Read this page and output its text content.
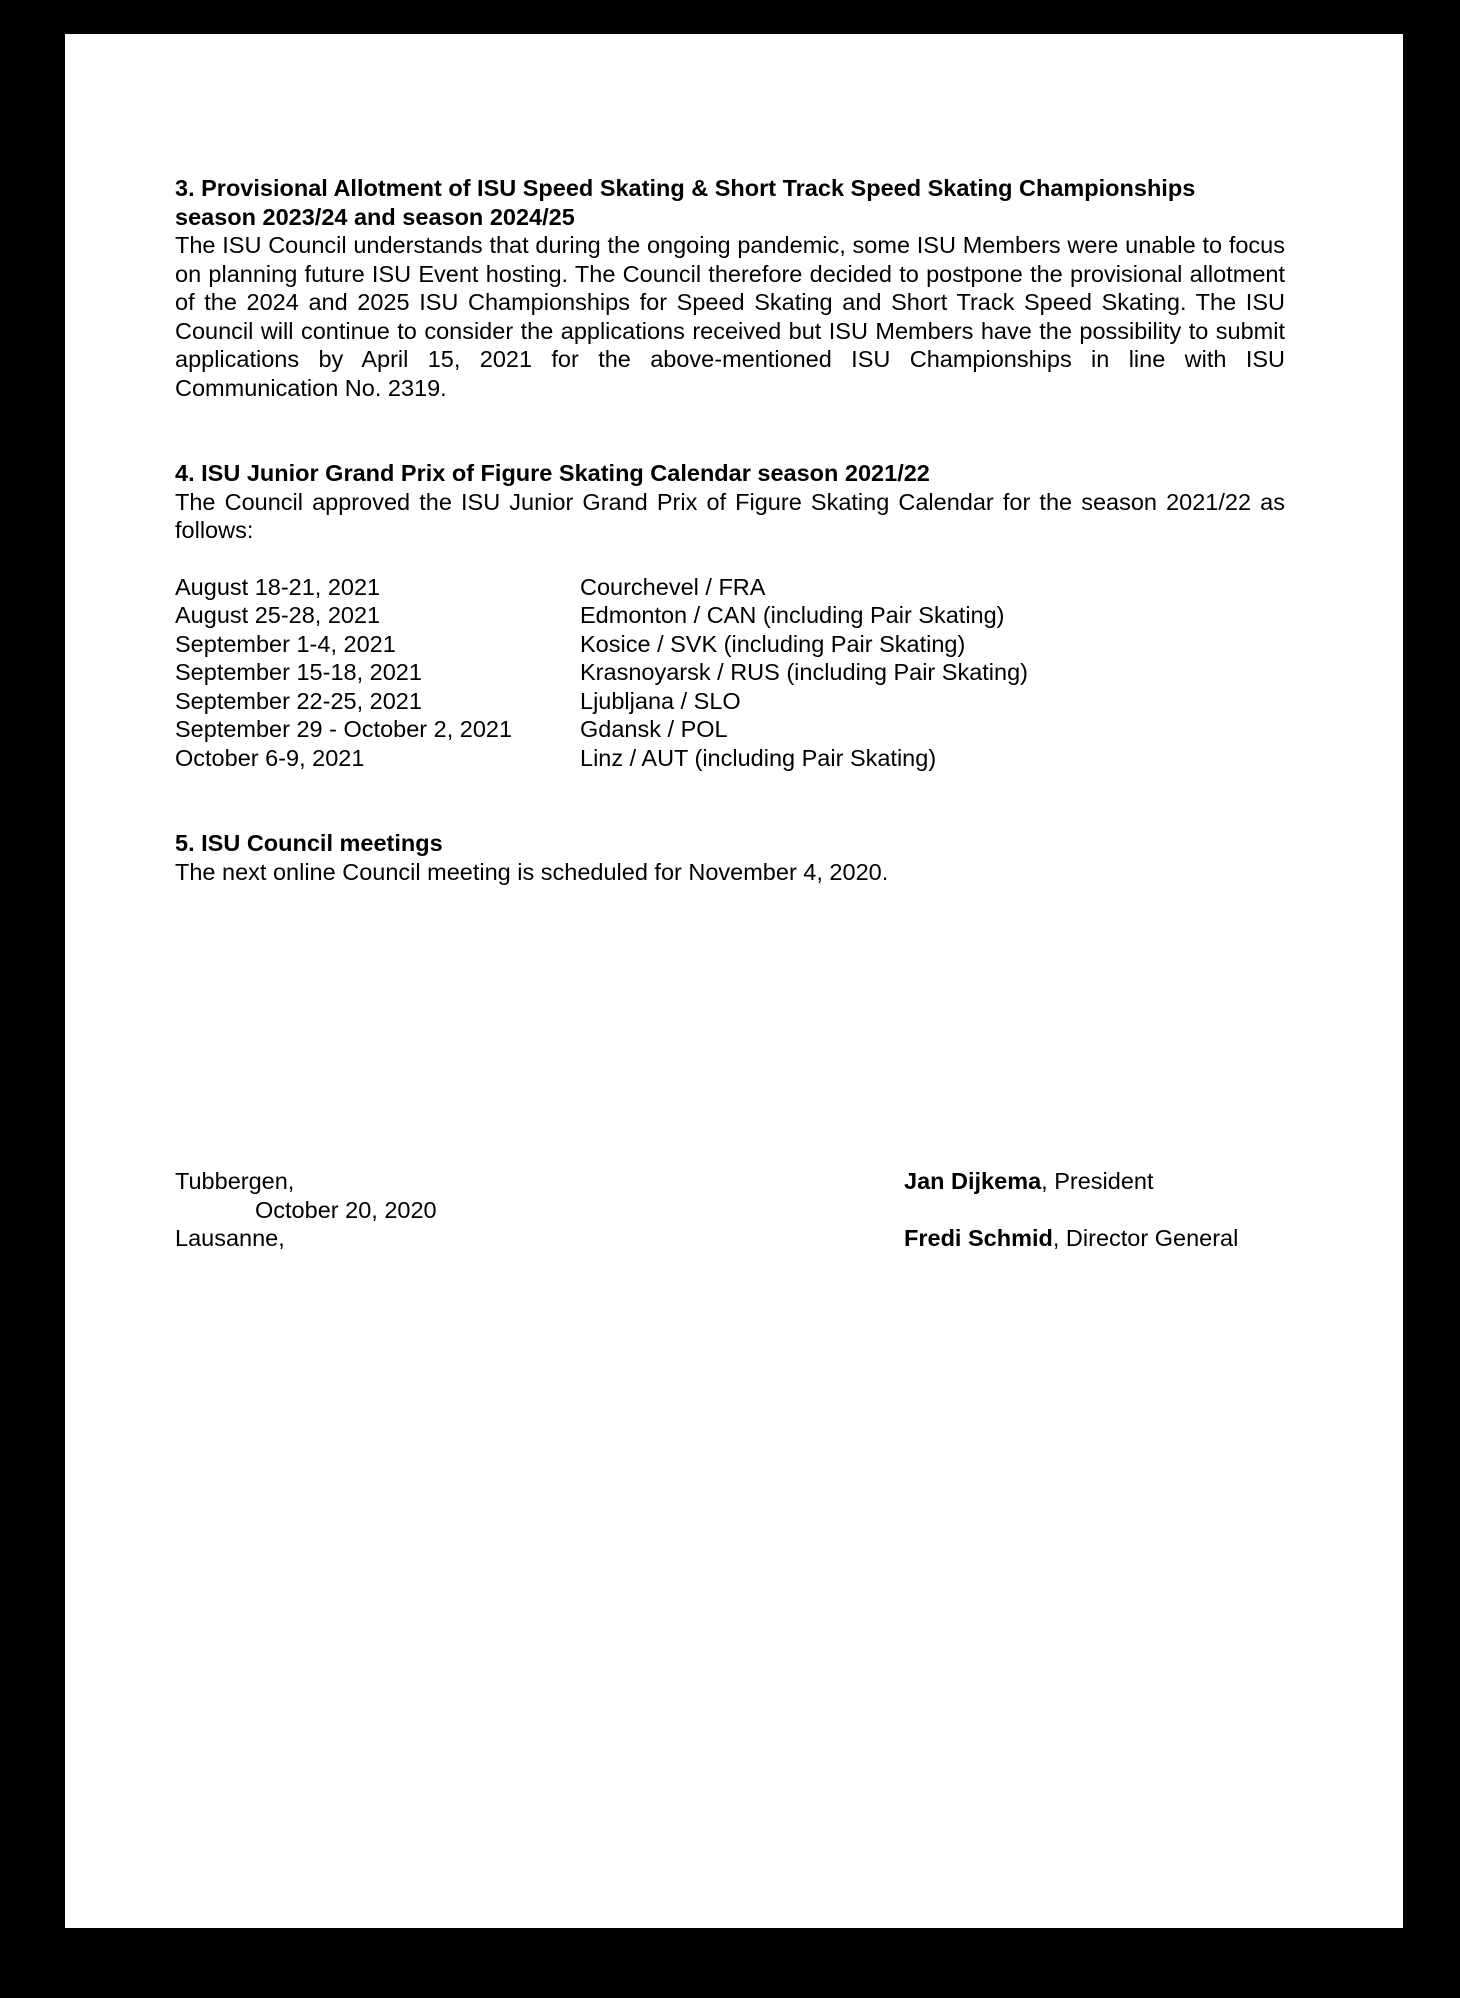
3. Provisional Allotment of ISU Speed Skating & Short Track Speed Skating Championships
season 2023/24 and season 2024/25

The ISU Council understands that during the ongoing pandemic, some ISU Members were unable to focus on planning future ISU Event hosting. The Council therefore decided to postpone the provisional allotment of the 2024 and 2025 ISU Championships for Speed Skating and Short Track Speed Skating. The ISU Council will continue to consider the applications received but ISU Members have the possibility to submit applications by April 15, 2021 for the above-mentioned ISU Championships in line with ISU Communication No. 2319.

4. ISU Junior Grand Prix of Figure Skating Calendar season 2021/22

The Council approved the ISU Junior Grand Prix of Figure Skating Calendar for the season 2021/22 as follows:

August 18-21, 2021	Courchevel / FRA
August 25-28, 2021	Edmonton / CAN (including Pair Skating)
September 1-4, 2021	Kosice / SVK (including Pair Skating)
September 15-18, 2021	Krasnoyarsk / RUS (including Pair Skating)
September 22-25, 2021	Ljubljana / SLO
September 29 - October 2, 2021	Gdansk / POL
October 6-9, 2021	Linz / AUT (including Pair Skating)

5. ISU Council meetings

The next online Council meeting is scheduled for November 4, 2020.

Tubbergen,
October 20, 2020
Lausanne,
Jan Dijkema, President
Fredi Schmid, Director General
